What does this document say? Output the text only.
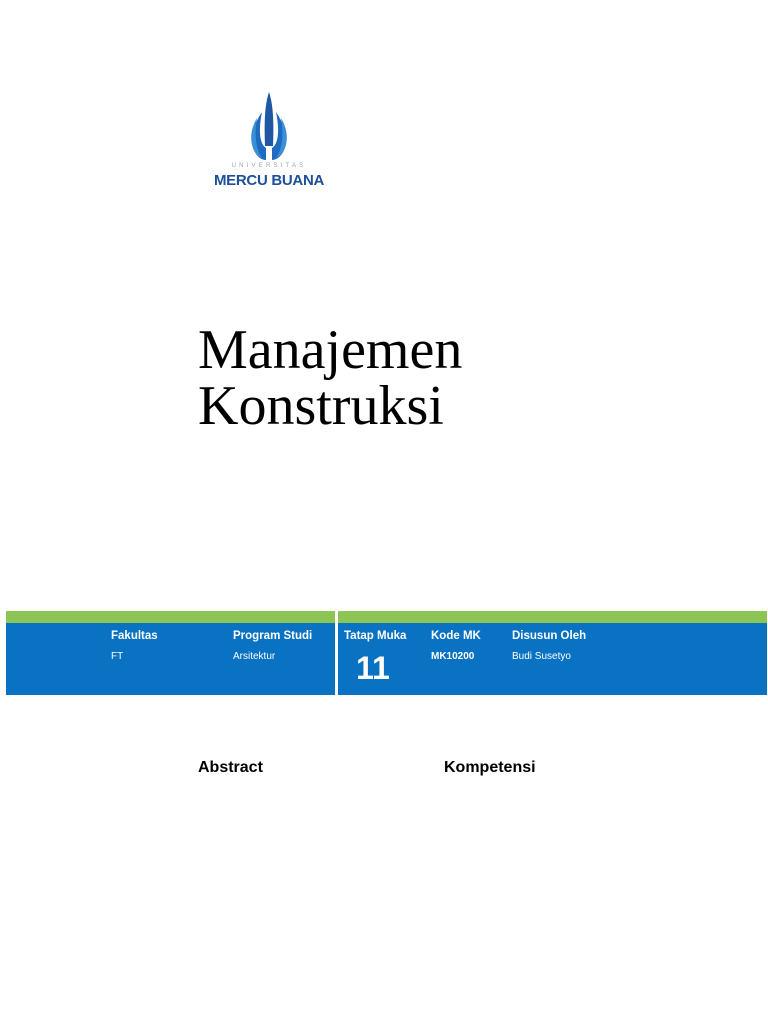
UNIVERSITAS
MERCU BUANA
Manajemen
Konstruksi
Fakultas
FT
Program Studi
Arsitektur
Tatap Muka
11
Kode MK
MK10200
Disusun Oleh
Budi Susetyo
Abstract	Kompetensi
